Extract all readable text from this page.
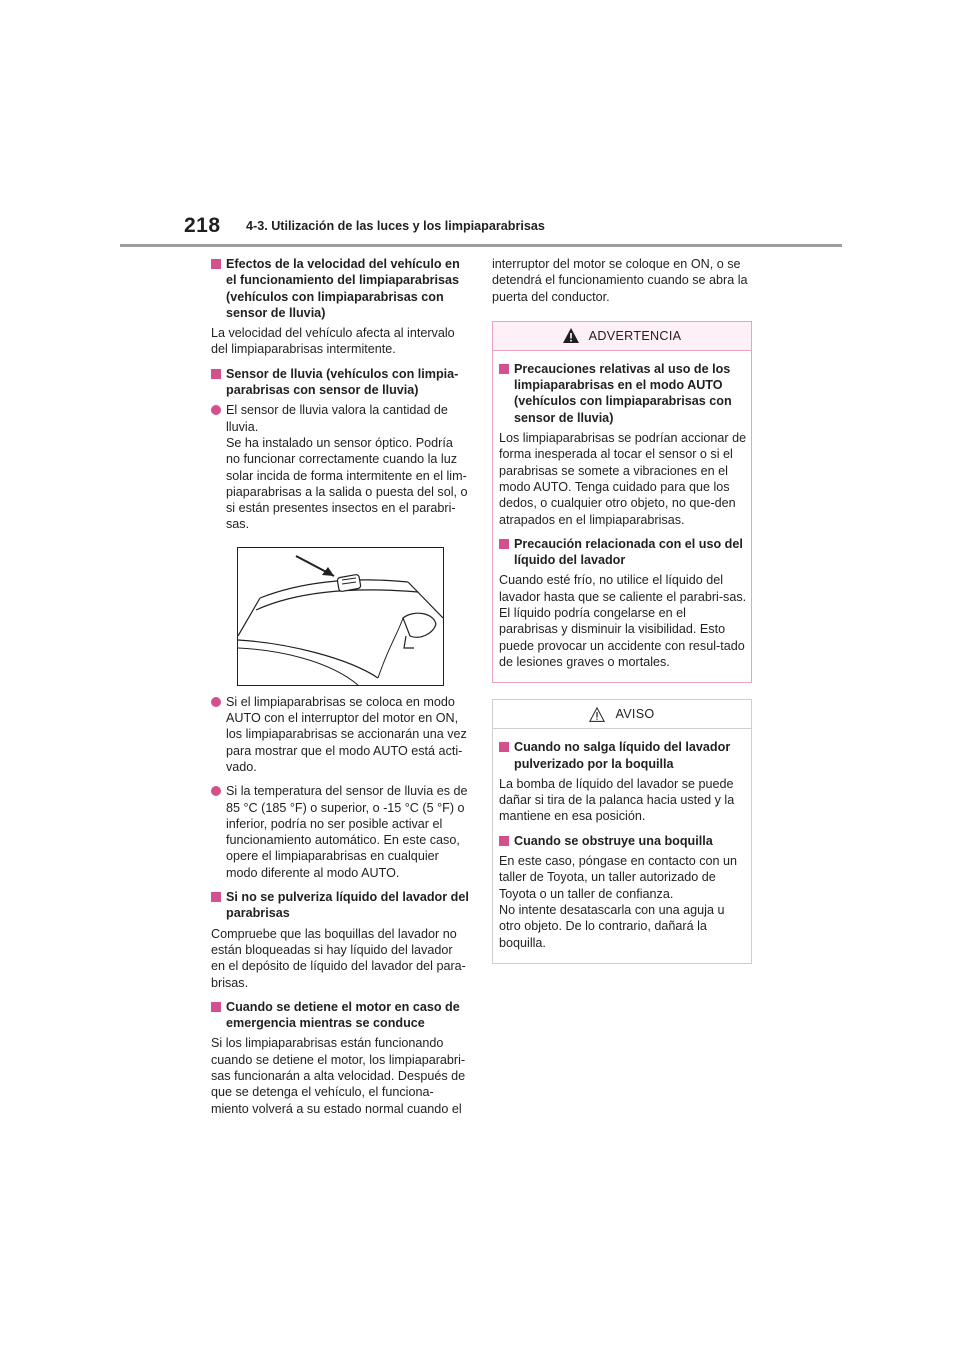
218 4-3. Utilización de las luces y los limpiaparabrisas
Efectos de la velocidad del vehículo en el funcionamiento del limpiaparabrisas (vehículos con limpiaparabrisas con sensor de lluvia)
La velocidad del vehículo afecta al intervalo del limpiaparabrisas intermitente.
Sensor de lluvia (vehículos con limpia-parabrisas con sensor de lluvia)
El sensor de lluvia valora la cantidad de lluvia.
Se ha instalado un sensor óptico. Podría no funcionar correctamente cuando la luz solar incida de forma intermitente en el lim-piaparabrisas a la salida o puesta del sol, o si están presentes insectos en el parabri-sas.
Si el limpiaparabrisas se coloca en modo AUTO con el interruptor del motor en ON, los limpiaparabrisas se accionarán una vez para mostrar que el modo AUTO está acti-vado.
Si la temperatura del sensor de lluvia es de 85 °C (185 °F) o superior, o -15 °C (5 °F) o inferior, podría no ser posible activar el funcionamiento automático. En este caso, opere el limpiaparabrisas en cualquier modo diferente al modo AUTO.
Si no se pulveriza líquido del lavador del parabrisas
Compruebe que las boquillas del lavador no están bloqueadas si hay líquido del lavador en el depósito de líquido del lavador del para-brisas.
Cuando se detiene el motor en caso de emergencia mientras se conduce
Si los limpiaparabrisas están funcionando cuando se detiene el motor, los limpiaparabri-sas funcionarán a alta velocidad. Después de que se detenga el vehículo, el funciona-miento volverá a su estado normal cuando el
interruptor del motor se coloque en ON, o se detendrá el funcionamiento cuando se abra la puerta del conductor.
ADVERTENCIA
Precauciones relativas al uso de los limpiaparabrisas en el modo AUTO (vehículos con limpiaparabrisas con sensor de lluvia)
Los limpiaparabrisas se podrían accionar de forma inesperada al tocar el sensor o si el parabrisas se somete a vibraciones en el modo AUTO. Tenga cuidado para que los dedos, o cualquier otro objeto, no que-den atrapados en el limpiaparabrisas.
Precaución relacionada con el uso del líquido del lavador
Cuando esté frío, no utilice el líquido del lavador hasta que se caliente el parabri-sas. El líquido podría congelarse en el parabrisas y disminuir la visibilidad. Esto puede provocar un accidente con resul-tado de lesiones graves o mortales.
AVISO
Cuando no salga líquido del lavador pulverizado por la boquilla
La bomba de líquido del lavador se puede dañar si tira de la palanca hacia usted y la mantiene en esa posición.
Cuando se obstruye una boquilla
En este caso, póngase en contacto con un taller de Toyota, un taller autorizado de Toyota o un taller de confianza.
No intente desatascarla con una aguja u otro objeto. De lo contrario, dañará la boquilla.
